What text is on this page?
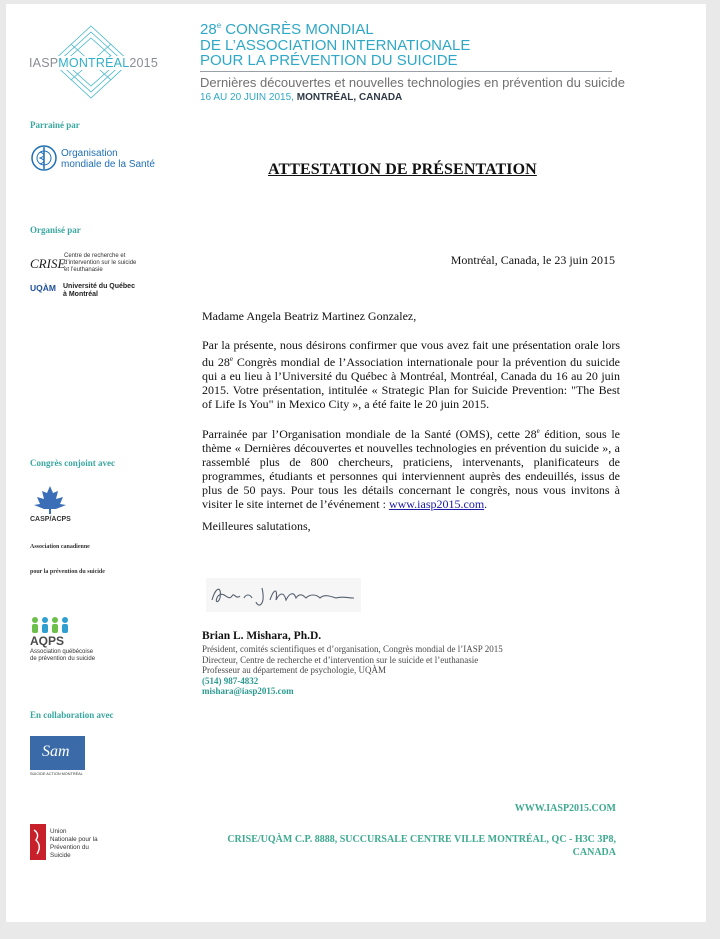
IASPMONTRÉAL2015
28e CONGRÈS MONDIAL
DE L’ASSOCIATION INTERNATIONALE
POUR LA PRÉVENTION DU SUICIDE
Dernières découvertes et nouvelles technologies en prévention du suicide
16 AU 20 JUIN 2015, MONTRÉAL, CANADA
Parrainé par
Organisation
mondiale de la Santé
Organisé par
CRISE
Centre de recherche et
d’intervention sur le suicide
et l’euthanasie
UQÀM Université du Québec
à Montréal
Congrès conjoint avec
CASP/ACPS
Association canadienne
pour la prévention du suicide
AQPS
Association québécoise
de prévention du suicide
En collaboration avec
Sam
SUICIDE ACTION MONTRÉAL
Union
Nationale pour la
Prévention du
Suicide
ATTESTATION DE PRÉSENTATION
Montréal, Canada, le 23 juin 2015
Madame Angela Beatriz Martinez Gonzalez,
Par la présente, nous désirons confirmer que vous avez fait une présentation orale lors du 28e Congrès mondial de l’Association internationale pour la prévention du suicide qui a eu lieu à l’Université du Québec à Montréal, Montréal, Canada du 16 au 20 juin 2015. Votre présentation, intitulée « Strategic Plan for Suicide Prevention: "The Best of Life Is You" in Mexico City », a été faite le 20 juin 2015.
Parrainée par l’Organisation mondiale de la Santé (OMS), cette 28e édition, sous le thème « Dernières découvertes et nouvelles technologies en prévention du suicide », a rassemblé plus de 800 chercheurs, praticiens, intervenants, planificateurs de programmes, étudiants et personnes qui interviennent auprès des endeuillés, issus de plus de 50 pays. Pour tous les détails concernant le congrès, nous vous invitons à visiter le site internet de l’événement : www.iasp2015.com.
Meilleures salutations,
Brian L. Mishara, Ph.D.
Président, comités scientifiques et d’organisation, Congrès mondial de l’IASP 2015
Directeur, Centre de recherche et d’intervention sur le suicide et l’euthanasie
Professeur au département de psychologie, UQÀM
(514) 987-4832
mishara@iasp2015.com
WWW.IASP2015.COM
CRISE/UQÀM C.P. 8888, SUCCURSALE CENTRE VILLE MONTRÉAL, QC - H3C 3P8,
CANADA
